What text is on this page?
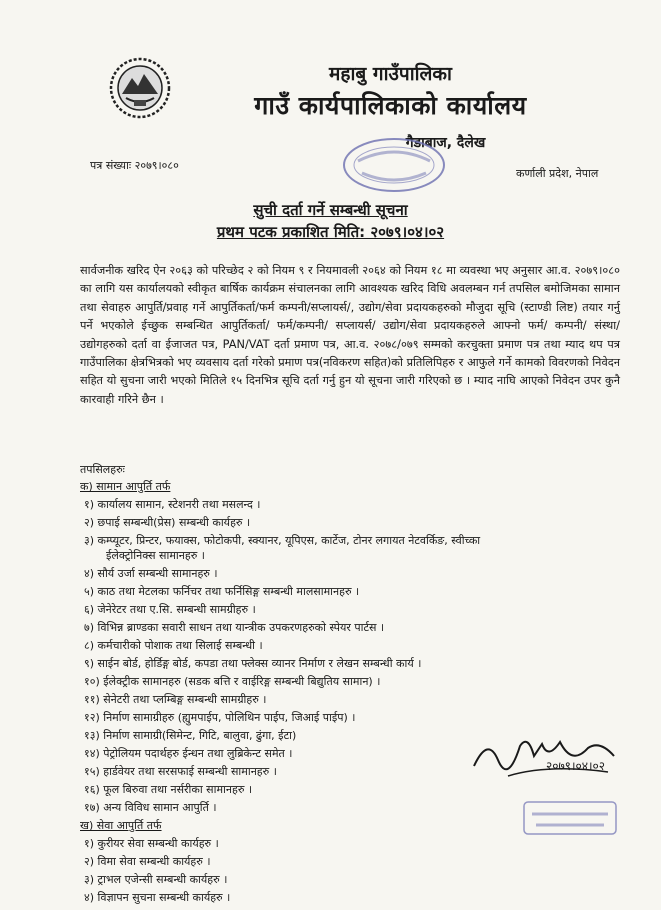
महाबु गाउँपालिका
गाउँ कार्यपालिकाको कार्यालय
गैडाबाज, दैलेख
पत्र संख्याः २०७९।०८०
कर्णाली प्रदेश, नेपाल
सुची दर्ता गर्ने सम्बन्धी सूचना
प्रथम पटक प्रकाशित मिति: २०७९।०४।०२
सार्वजनीक खरिद ऐन २०६३ को परिच्छेद २ को नियम ९ र नियमावली २०६४ को नियम १८ मा व्यवस्था भए अनुसार आ.व. २०७९।०८० का लागि यस कार्यालयको स्वीकृत बार्षिक कार्यक्रम संचालनका लागि आवश्यक खरिद विधि अवलम्बन गर्न तपसिल बमोजिमका सामान तथा सेवाहरु आपुर्ति/प्रवाह गर्ने आपुर्तिकर्ता/फर्म कम्पनी/सप्लायर्स/, उद्योग/सेवा प्रदायकहरुको मौजुदा सूचि (स्टाण्डी लिष्ट) तयार गर्नु पर्ने भएकोले ईच्छुक सम्बन्धित आपुर्तिकर्ता/ फर्म/कम्पनी/ सप्लायर्स/ उद्योग/सेवा प्रदायकहरुले आफ्नो फर्म/ कम्पनी/ संस्था/ उद्योगहरुको दर्ता वा ईजाजत पत्र, PAN/VAT दर्ता प्रमाण पत्र, आ.व. २०७८/०७९ सम्मको करचुक्ता प्रमाण पत्र तथा म्याद थप पत्र गाउँपालिका क्षेत्रभित्रको भए व्यवसाय दर्ता गरेको प्रमाण पत्र(नविकरण सहित)को प्रतिलिपिहरु र आफुले गर्ने कामको विवरणको निवेदन सहित यो सुचना जारी भएको मितिले १५ दिनभित्र सूचि दर्ता गर्नु हुन यो सूचना जारी गरिएको छ । म्याद नाघि आएको निवेदन उपर कुनै कारवाही गरिने छैन ।
तपसिलहरुः
क) सामान आपुर्ति तर्फ
१) कार्यालय सामान, स्टेशनरी तथा मसलन्द ।
२) छपाई सम्बन्धी(प्रेस) सम्बन्धी कार्यहरु ।
३) कम्प्यूटर, प्रिन्टर, फयाक्स, फोटोकपी, स्क्यानर, यूपिएस, कार्टेज, टोनर लगायत नेटवर्किङ, स्वीच्का
ईलेक्ट्रोनिक्स सामानहरु ।
४) सौर्य उर्जा सम्बन्धी सामानहरु ।
५) काठ तथा मेटलका फर्निचर तथा फर्निसिङ्ग सम्बन्धी मालसामानहरु ।
६) जेनेरेटर तथा ए.सि. सम्बन्धी सामग्रीहरु ।
७) विभिन्न ब्राण्डका सवारी साधन तथा यान्त्रीक उपकरणहरुको स्पेयर पार्टस ।
८) कर्मचारीको पोशाक तथा सिलाई सम्बन्धी ।
९) साईन बोर्ड, होर्डिङ्ग बोर्ड, कपडा तथा फ्लेक्स व्यानर निर्माण र लेखन सम्बन्धी कार्य ।
१०) ईलेक्ट्रीक सामानहरु (सडक बत्ति र वाईरिङ्ग सम्बन्धी बिद्युतिय सामान) ।
११) सेनेटरी तथा प्लम्बिङ्ग सम्बन्धी सामग्रीहरु ।
१२) निर्माण सामाग्रीहरु (ह्युमपाईप, पोलिथिन पाईप, जिआई पाईप) ।
१३) निर्माण सामाग्री(सिमेन्ट, गिटि, बालुवा, ढुंगा, ईटा)
१४) पेट्रोलियम पदार्थहरु ईन्धन तथा लुब्रिकेन्ट समेत ।
१५) हार्डवेयर तथा सरसफाई सम्बन्धी सामानहरु ।
१६) फूल बिरुवा तथा नर्सरीका सामानहरु ।
१७) अन्य विविध सामान आपुर्ति ।
ख) सेवा आपुर्ति तर्फ
१) कुरीयर सेवा सम्बन्धी कार्यहरु ।
२) विमा सेवा सम्बन्धी कार्यहरु ।
३) ट्राभल एजेन्सी सम्बन्धी कार्यहरु ।
४) विज्ञापन सुचना सम्बन्धी कार्यहरु ।
२०७९।०४।०२
